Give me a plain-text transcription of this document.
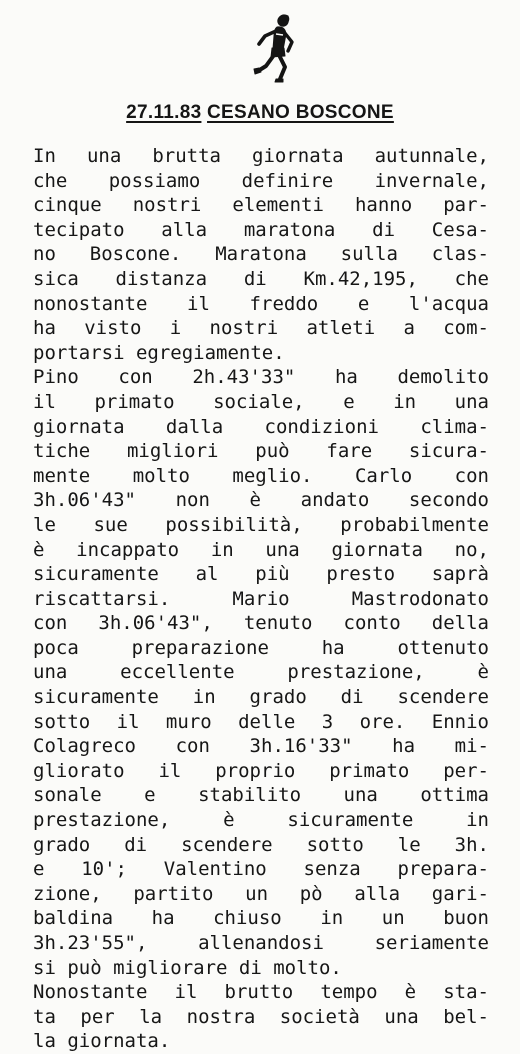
27.11.83 CESANO BOSCONE
In una brutta giornata autunnale,
che possiamo definire invernale,
cinque nostri elementi hanno par-
tecipato alla maratona di Cesa-
no Boscone. Maratona sulla clas-
sica distanza di Km.42,195, che
nonostante il freddo e l'acqua
ha visto i nostri atleti a com-
portarsi egregiamente.
Pino con 2h.43'33" ha demolito
il primato sociale, e in una
giornata dalla condizioni clima-
tiche migliori può fare sicura-
mente molto meglio. Carlo con
3h.06'43" non è andato secondo
le sue possibilità, probabilmente
è incappato in una giornata no,
sicuramente al più presto saprà
riscattarsi. Mario Mastrodonato
con 3h.06'43", tenuto conto della
poca preparazione ha ottenuto
una eccellente prestazione, è
sicuramente in grado di scendere
sotto il muro delle 3 ore. Ennio
Colagreco con 3h.16'33" ha mi-
gliorato il proprio primato per-
sonale e stabilito una ottima
prestazione, è sicuramente in
grado di scendere sotto le 3h.
e 10'; Valentino senza prepara-
zione, partito un pò alla gari-
baldina ha chiuso in un buon
3h.23'55", allenandosi seriamente
si può migliorare di molto.
Nonostante il brutto tempo è sta-
ta per la nostra società una bel-
la giornata.
